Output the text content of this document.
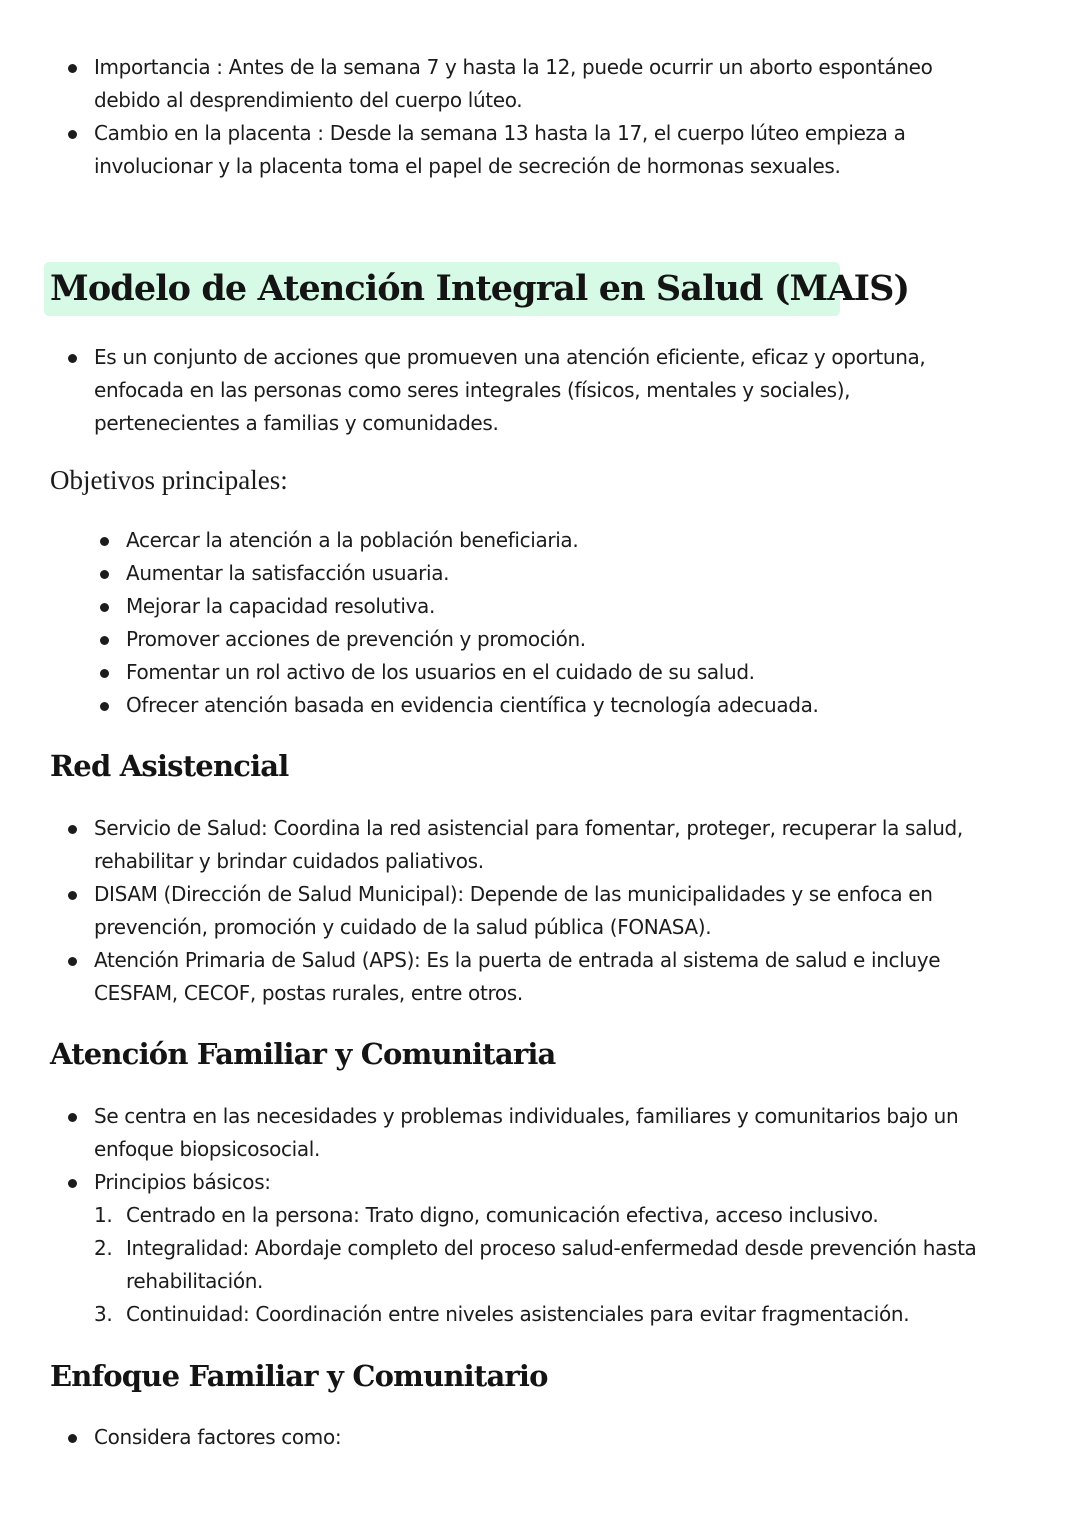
Importancia : Antes de la semana 7 y hasta la 12, puede ocurrir un aborto espontáneo
debido al desprendimiento del cuerpo lúteo.
Cambio en la placenta : Desde la semana 13 hasta la 17, el cuerpo lúteo empieza a
involucionar y la placenta toma el papel de secreción de hormonas sexuales.
Modelo de Atención Integral en Salud (MAIS)
Es un conjunto de acciones que promueven una atención eficiente, eficaz y oportuna,
enfocada en las personas como seres integrales (físicos, mentales y sociales),
pertenecientes a familias y comunidades.
Objetivos principales:
Acercar la atención a la población beneficiaria.
Aumentar la satisfacción usuaria.
Mejorar la capacidad resolutiva.
Promover acciones de prevención y promoción.
Fomentar un rol activo de los usuarios en el cuidado de su salud.
Ofrecer atención basada en evidencia científica y tecnología adecuada.
Red Asistencial
Servicio de Salud: Coordina la red asistencial para fomentar, proteger, recuperar la salud,
rehabilitar y brindar cuidados paliativos.
DISAM (Dirección de Salud Municipal): Depende de las municipalidades y se enfoca en
prevención, promoción y cuidado de la salud pública (FONASA).
Atención Primaria de Salud (APS): Es la puerta de entrada al sistema de salud e incluye
CESFAM, CECOF, postas rurales, entre otros.
Atención Familiar y Comunitaria
Se centra en las necesidades y problemas individuales, familiares y comunitarios bajo un
enfoque biopsicosocial.
Principios básicos:
1. Centrado en la persona: Trato digno, comunicación efectiva, acceso inclusivo.
2. Integralidad: Abordaje completo del proceso salud-enfermedad desde prevención hasta
rehabilitación.
3. Continuidad: Coordinación entre niveles asistenciales para evitar fragmentación.
Enfoque Familiar y Comunitario
Considera factores como:
